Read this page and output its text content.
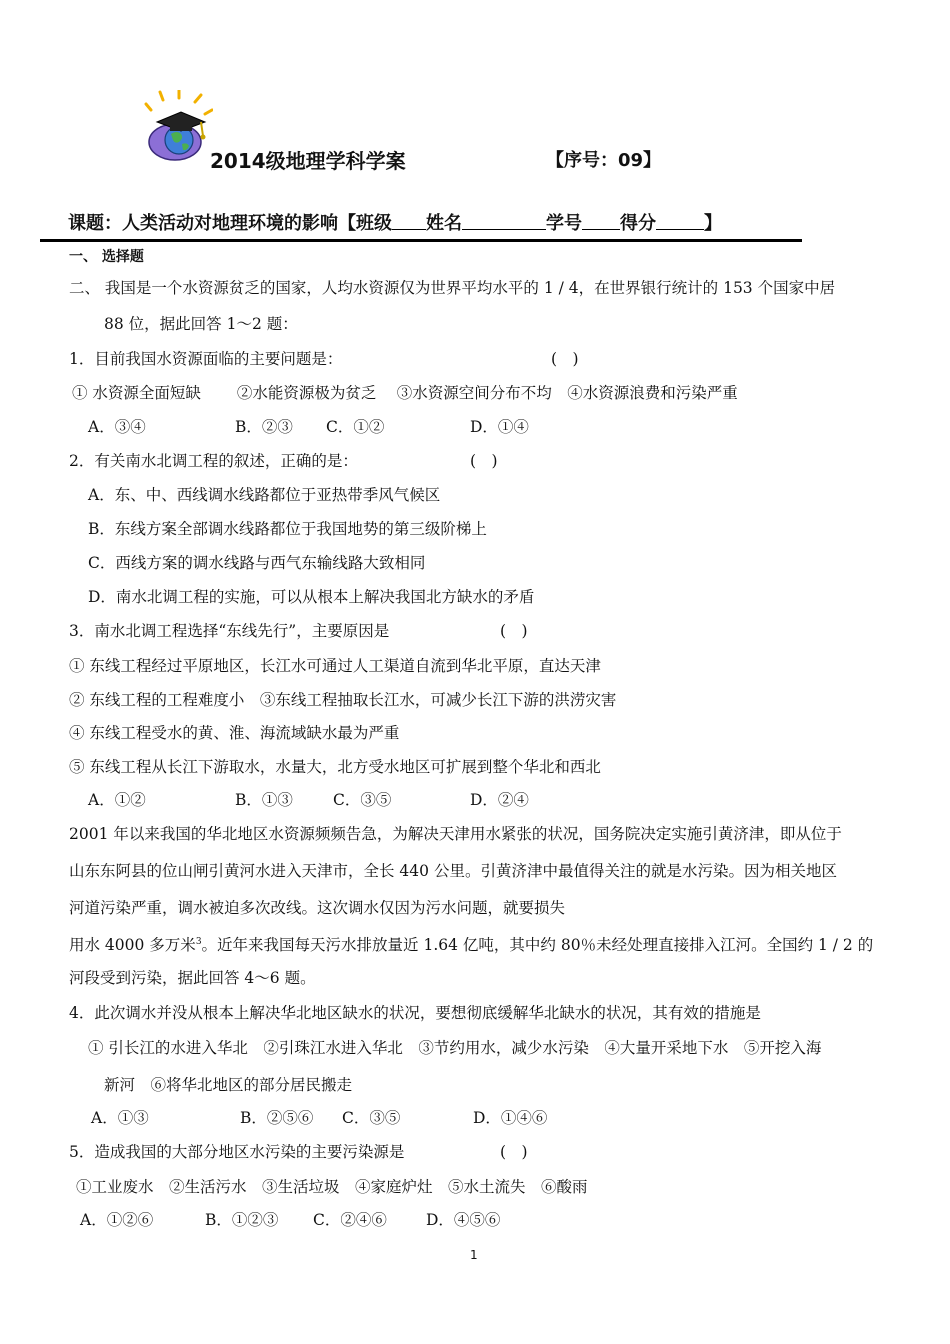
2014级地理学科学案	【序号：09】
课题：人类活动对地理环境的影响【班级 姓名	学号 得分	】
一、 选择题
二、 我国是一个水资源贫乏的国家，人均水资源仅为世界平均水平的 1 / 4，在世界银行统计的 153 个国家中居
88 位，据此回答 1～2 题：
1．目前我国水资源面临的主要问题是：	(　)
① 水资源全面短缺　　 ②水能资源极为贫乏　 ③水资源空间分布不均　④水资源浪费和污染严重
A．③④	B．②③ C．①②	D．①④
2．有关南水北调工程的叙述，正确的是：	(　)
A．东、中、西线调水线路都位于亚热带季风气候区
B．东线方案全部调水线路都位于我国地势的第三级阶梯上
C．西线方案的调水线路与西气东输线路大致相同
D．南水北调工程的实施，可以从根本上解决我国北方缺水的矛盾
3．南水北调工程选择“东线先行”，主要原因是	(　)
① 东线工程经过平原地区，长江水可通过人工渠道自流到华北平原，直达天津
② 东线工程的工程难度小　③东线工程抽取长江水，可减少长江下游的洪涝灾害
④ 东线工程受水的黄、淮、海流域缺水最为严重
⑤ 东线工程从长江下游取水，水量大，北方受水地区可扩展到整个华北和西北
A．①②	B．①③	C．③⑤	D．②④
2001 年以来我国的华北地区水资源频频告急，为解决天津用水紧张的状况，国务院决定实施引黄济津，即从位于
山东东阿县的位山闸引黄河水进入天津市，全长 440 公里。引黄济津中最值得关注的就是水污染。因为相关地区
河道污染严重，调水被迫多次改线。这次调水仅因为污水问题，就要损失
用水 4000 多万米$^3$。近年来我国每天污水排放量近 1.64 亿吨，其中约 80％未经处理直接排入江河。全国约 1 / 2 的
河段受到污染，据此回答 4～6 题。
4．此次调水并没从根本上解决华北地区缺水的状况，要想彻底缓解华北缺水的状况，其有效的措施是
① 引长江的水进入华北　②引珠江水进入华北　③节约用水，减少水污染　④大量开采地下水　⑤开挖入海
新河　⑥将华北地区的部分居民搬走
A．①③	B．②⑤⑥ C．③⑤	D．①④⑥
5．造成我国的大部分地区水污染的主要污染源是	(　)
①工业废水　②生活污水　③生活垃圾　④家庭炉灶　⑤水土流失　⑥酸雨
A．①②⑥	B．①②③ C．②④⑥	D．④⑤⑥
1
